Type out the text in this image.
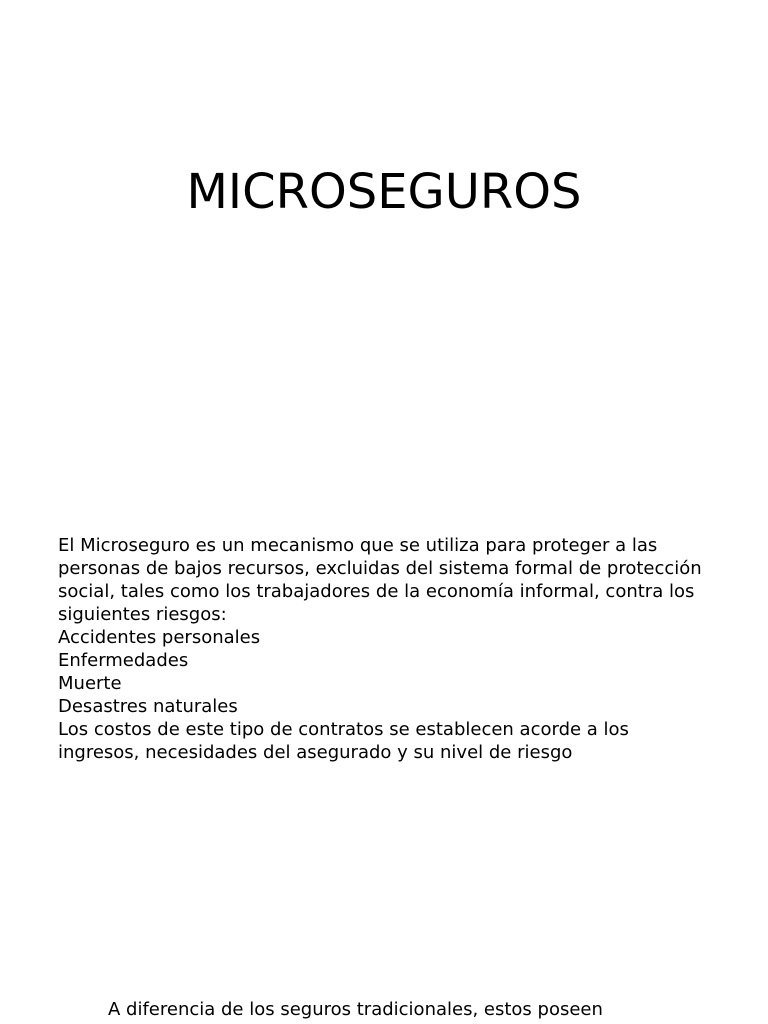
MICROSEGUROS
El Microseguro es un mecanismo que se utiliza para proteger a las
personas de bajos recursos, excluidas del sistema formal de protección
social, tales como los trabajadores de la economía informal, contra los
siguientes riesgos:
Accidentes personales
Enfermedades
Muerte
Desastres naturales
Los costos de este tipo de contratos se establecen acorde a los
ingresos, necesidades del asegurado y su nivel de riesgo
A diferencia de los seguros tradicionales, estos poseen
